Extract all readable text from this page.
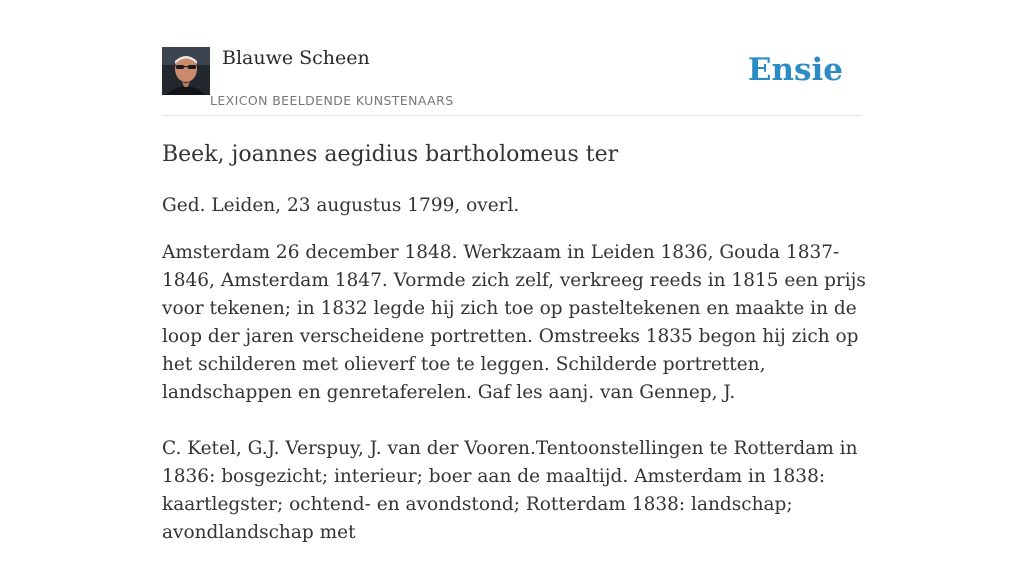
Blauwe Scheen
LEXICON BEELDENDE KUNSTENAARS
Ensie
Beek, joannes aegidius bartholomeus ter

Ged. Leiden, 23 augustus 1799, overl.

Amsterdam 26 december 1848. Werkzaam in Leiden 1836, Gouda 1837-1846, Amsterdam 1847. Vormde zich zelf, verkreeg reeds in 1815 een prijs voor tekenen; in 1832 legde hij zich toe op pasteltekenen en maakte in de loop der jaren verscheidene portretten. Omstreeks 1835 begon hij zich op het schilderen met olieverf toe te leggen. Schilderde portretten, landschappen en genretaferelen. Gaf les aanj. van Gennep, J.

C. Ketel, G.J. Verspuy, J. van der Vooren.Tentoonstellingen te Rotterdam in 1836: bosgezicht; interieur; boer aan de maaltijd. Amsterdam in 1838: kaartlegster; ochtend- en avondstond; Rotterdam 1838: landschap; avondlandschap met
